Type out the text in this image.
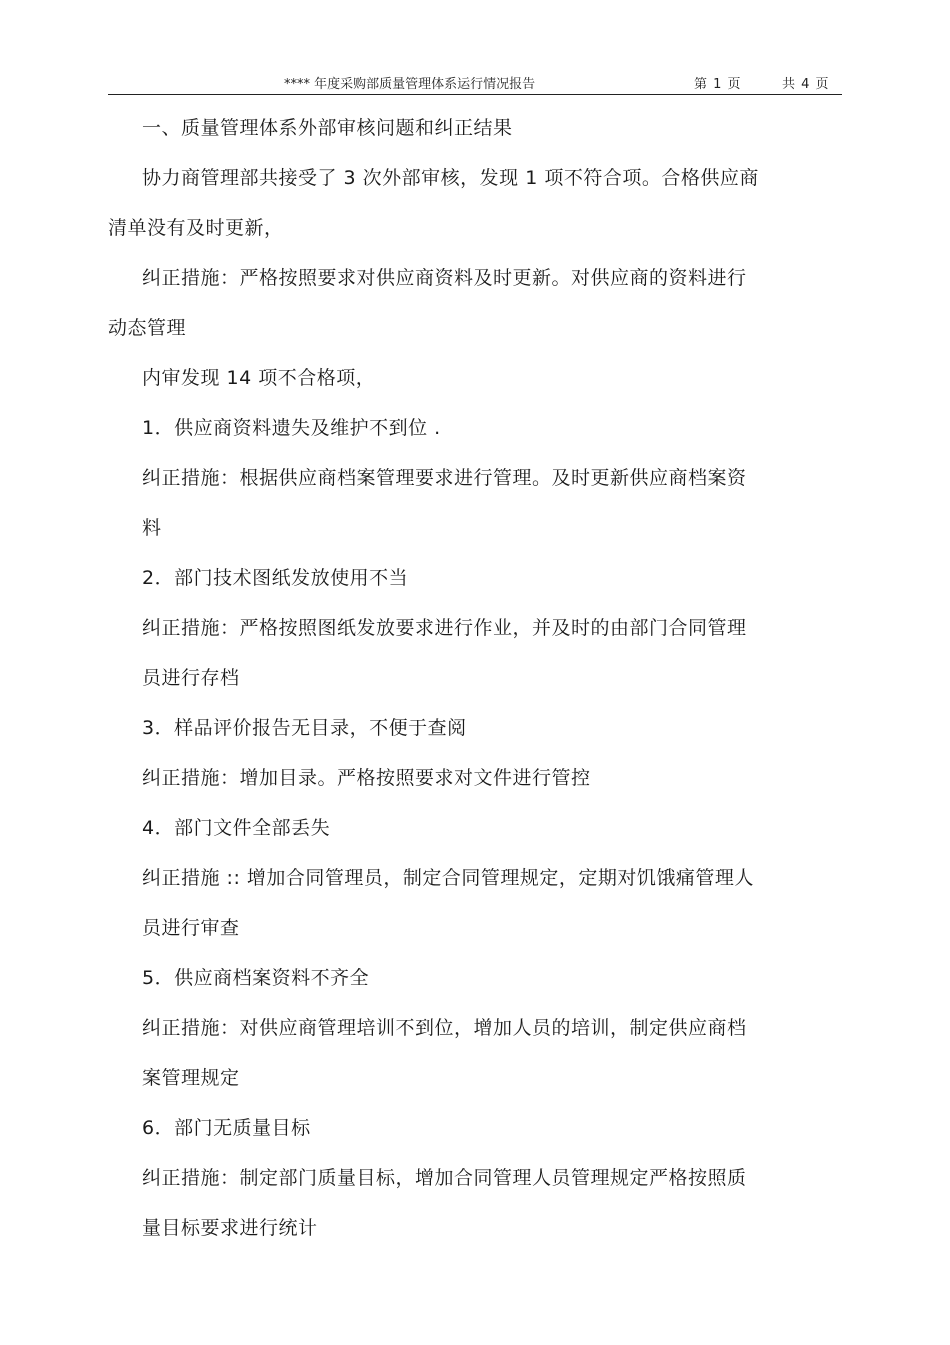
**** 年度采购部质量管理体系运行情况报告	第 1 页	共 4 页
一、质量管理体系外部审核问题和纠正结果
协力商管理部共接受了 3 次外部审核，发现 1 项不符合项。合格供应商
清单没有及时更新，
纠正措施：严格按照要求对供应商资料及时更新。对供应商的资料进行
动态管理
内审发现 14 项不合格项，
1．供应商资料遗失及维护不到位 .
纠正措施：根据供应商档案管理要求进行管理。及时更新供应商档案资
料
2．部门技术图纸发放使用不当
纠正措施：严格按照图纸发放要求进行作业，并及时的由部门合同管理
员进行存档
3．样品评价报告无目录，不便于查阅
纠正措施：增加目录。严格按照要求对文件进行管控
4．部门文件全部丢失
纠正措施 :: 增加合同管理员，制定合同管理规定，定期对饥饿痛管理人
员进行审查
5．供应商档案资料不齐全
纠正措施：对供应商管理培训不到位，增加人员的培训，制定供应商档
案管理规定
6．部门无质量目标
纠正措施：制定部门质量目标，增加合同管理人员管理规定严格按照质
量目标要求进行统计
